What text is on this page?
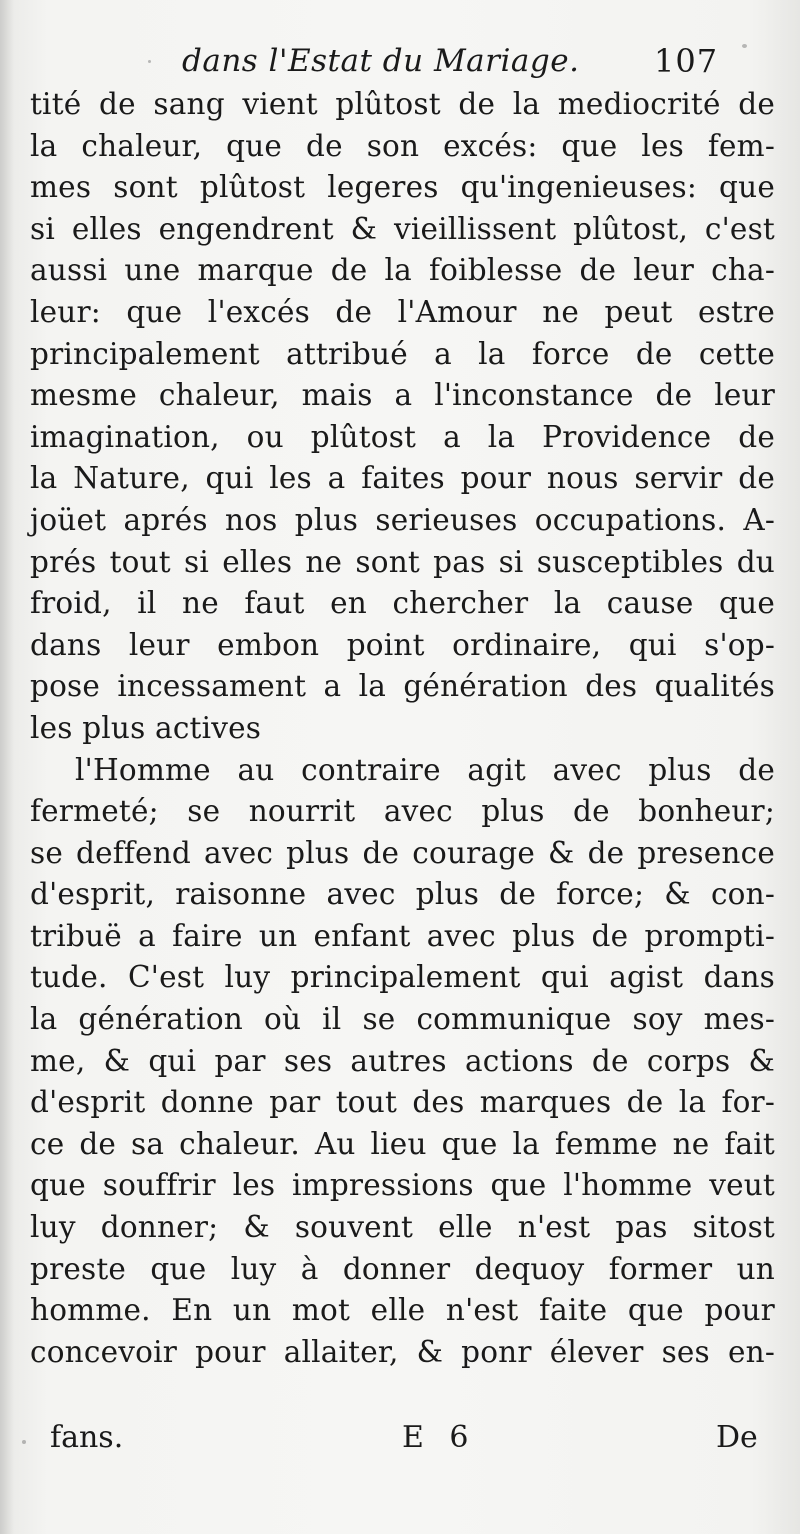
dans l'Estat du Mariage. 107
tité de sang vient plûtost de la mediocrité de
la chaleur, que de son excés: que les fem-
mes sont plûtost legeres qu'ingenieuses: que
si elles engendrent & vieillissent plûtost, c'est
aussi une marque de la foiblesse de leur cha-
leur: que l'excés de l'Amour ne peut estre
principalement attribué a la force de cette
mesme chaleur, mais a l'inconstance de leur
imagination, ou plûtost a la Providence de
la Nature, qui les a faites pour nous servir de
joüet aprés nos plus serieuses occupations. A-
prés tout si elles ne sont pas si susceptibles du
froid, il ne faut en chercher la cause que
dans leur embon point ordinaire, qui s'op-
pose incessament a la génération des qualités
les plus actives
l'Homme au contraire agit avec plus de
fermeté; se nourrit avec plus de bonheur;
se deffend avec plus de courage & de presence
d'esprit, raisonne avec plus de force; & con-
tribuë a faire un enfant avec plus de prompti-
tude. C'est luy principalement qui agist dans
la génération où il se communique soy mes-
me, & qui par ses autres actions de corps &
d'esprit donne par tout des marques de la for-
ce de sa chaleur. Au lieu que la femme ne fait
que souffrir les impressions que l'homme veut
luy donner; & souvent elle n'est pas sitost
preste que luy à donner dequoy former un
homme. En un mot elle n'est faite que pour
concevoir pour allaiter, & ponr élever ses en-
fans.	E 6	De
